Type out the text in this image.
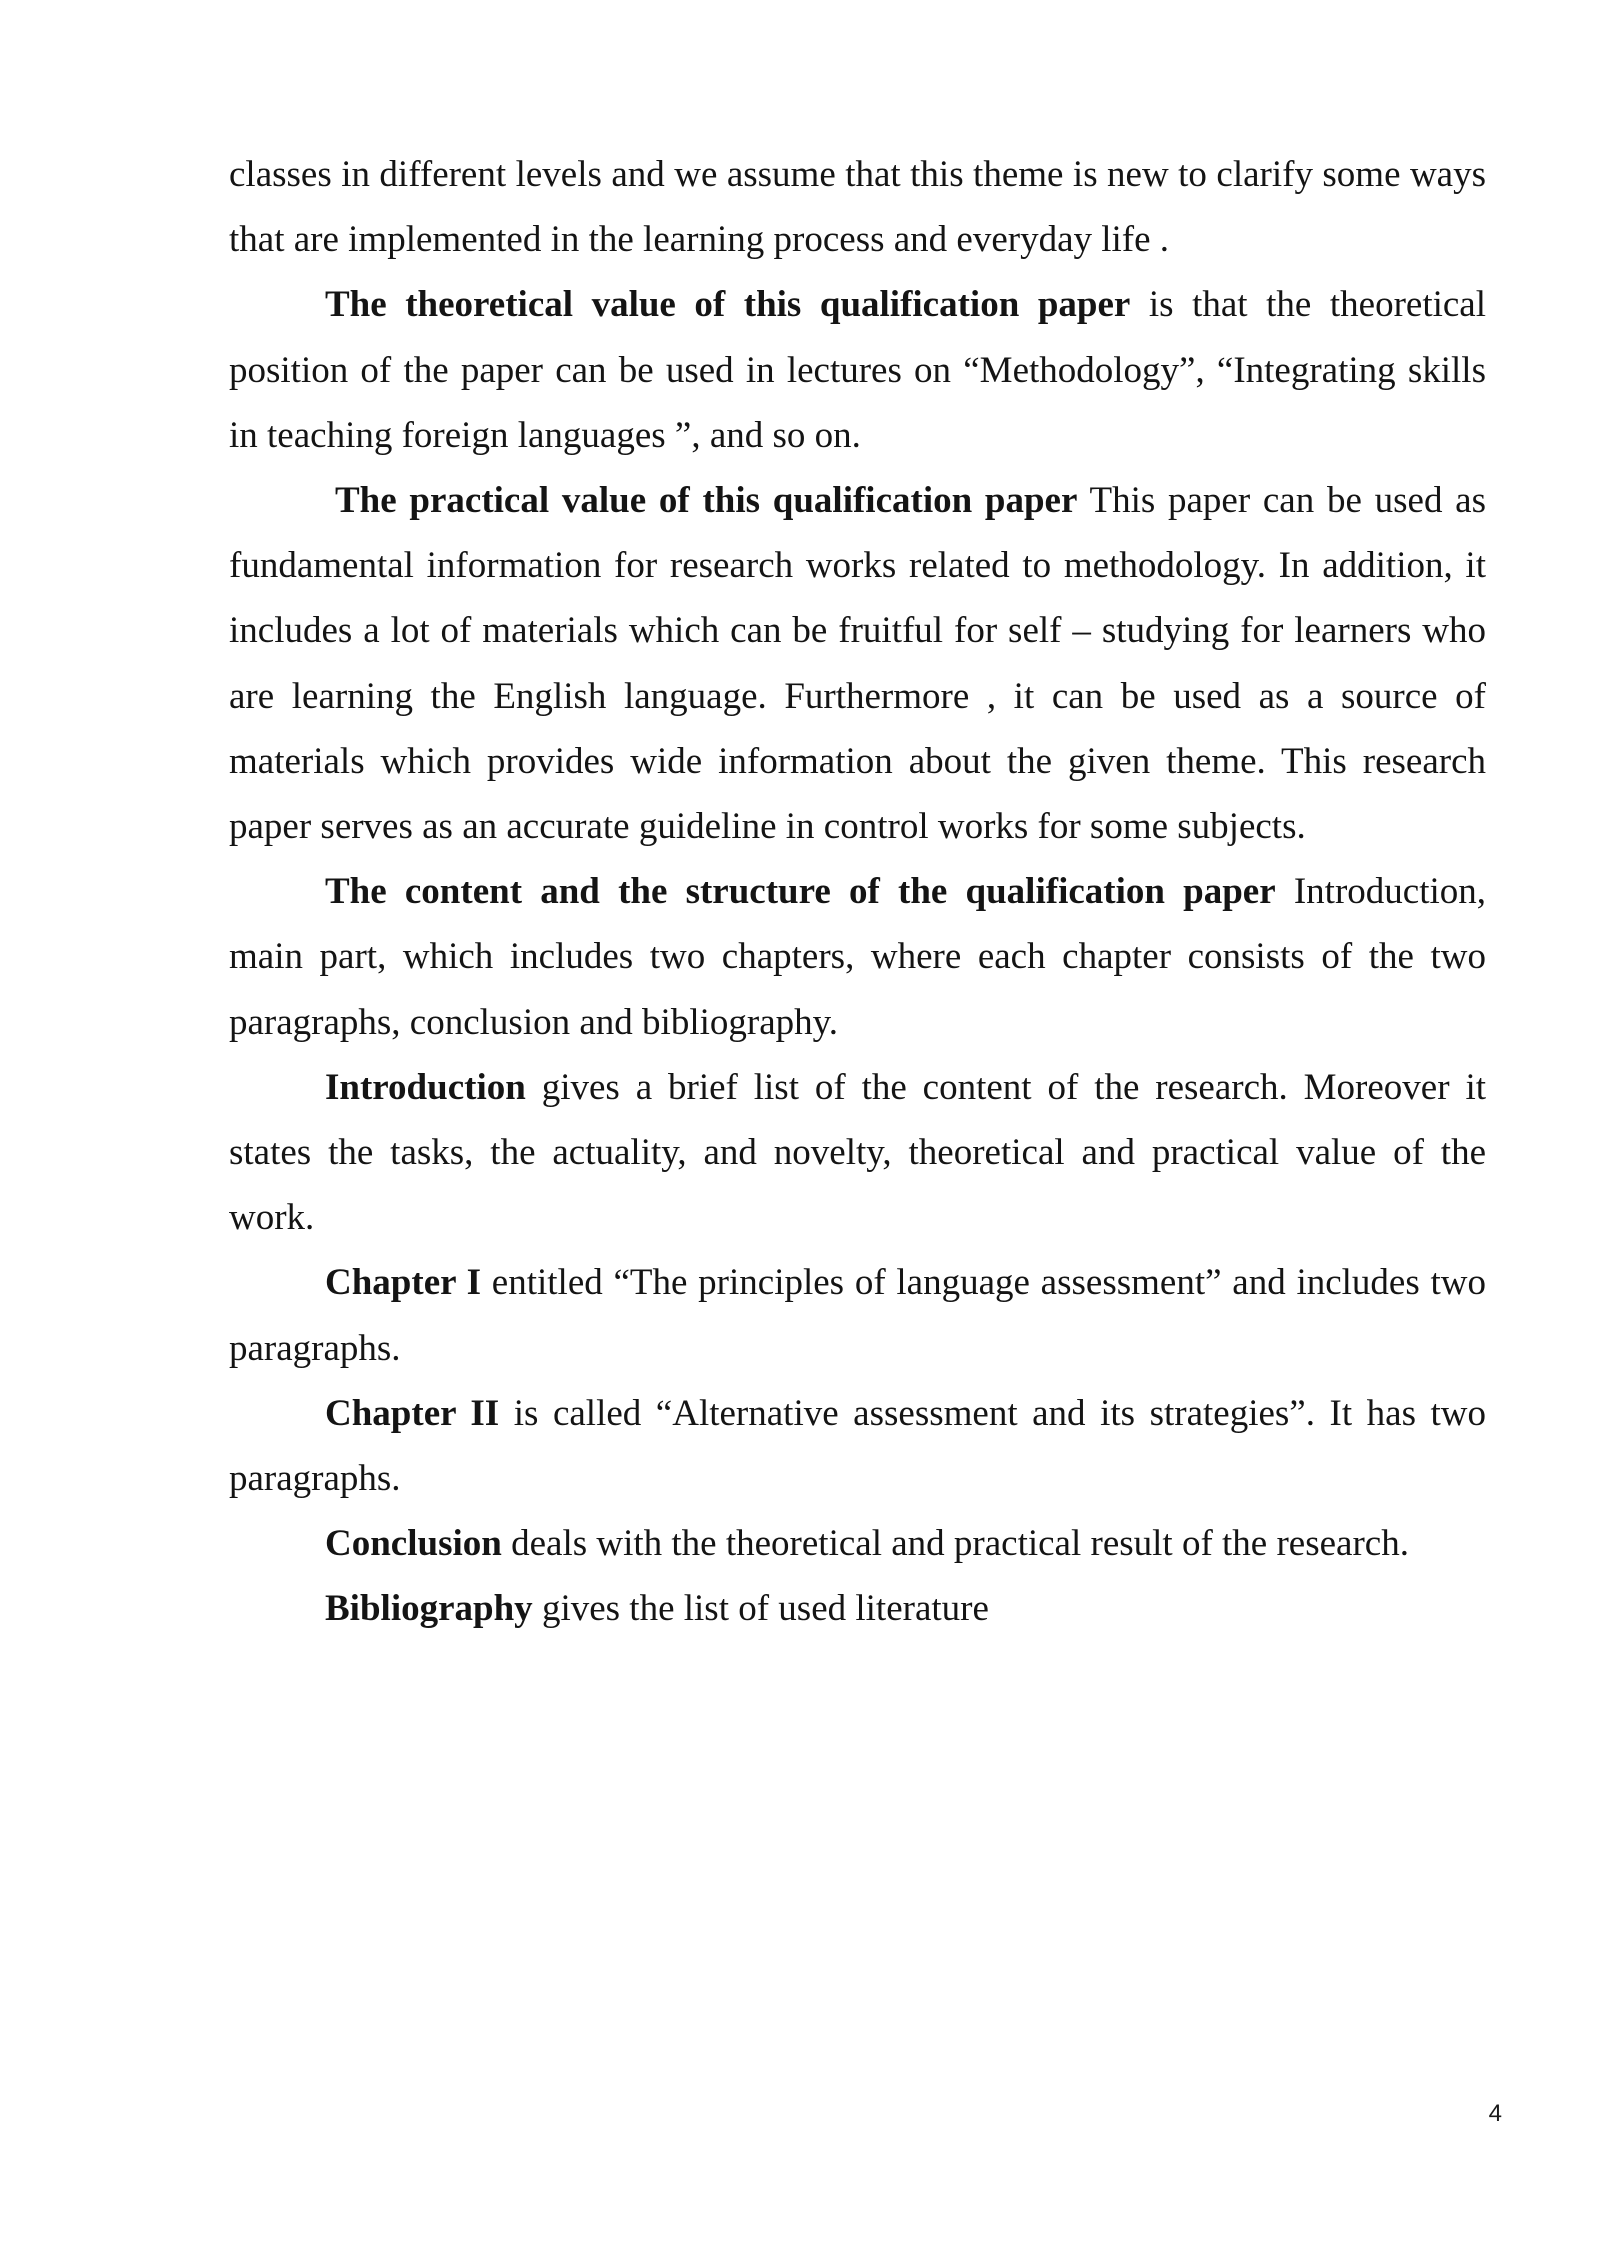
classes in different levels and we assume that this theme is new to clarify some ways that are implemented in the learning process and everyday life .

The theoretical value of this qualification paper is that the theoretical position of the paper can be used in lectures on “Methodology”, “Integrating skills in teaching foreign languages ”, and so on.

The practical value of this qualification paper This paper can be used as fundamental information for research works related to methodology. In addition, it includes a lot of materials which can be fruitful for self – studying for learners who are learning the English language. Furthermore , it can be used as a source of materials which provides wide information about the given theme. This research paper serves as an accurate guideline in control works for some subjects.

The content and the structure of the qualification paper Introduction, main part, which includes two chapters, where each chapter consists of the two paragraphs, conclusion and bibliography.

Introduction gives a brief list of the content of the research. Moreover it states the tasks, the actuality, and novelty, theoretical and practical value of the work.

Chapter I entitled “The principles of language assessment” and includes two paragraphs.

Chapter II is called “Alternative assessment and its strategies”. It has two paragraphs.

Conclusion deals with the theoretical and practical result of the research.

Bibliography gives the list of used literature

4
